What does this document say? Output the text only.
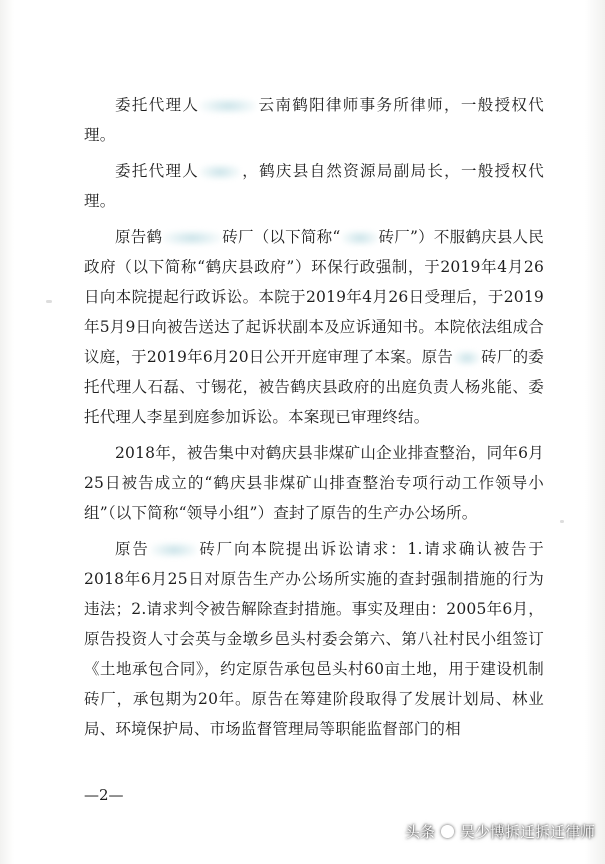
委托代理人	云南鹤阳律师事务所律师，一般授权代理。

委托代理人	，鹤庆县自然资源局副局长，一般授权代理。

原告鹤	砖厂（以下简称“ 砖厂”）不服鹤庆县人民政府（以下简称“鹤庆县政府”）环保行政强制，于2019年4月26日向本院提起行政诉讼。本院于2019年4月26日受理后，于2019年5月9日向被告送达了起诉状副本及应诉通知书。本院依法组成合议庭，于2019年6月20日公开开庭审理了本案。原告 砖厂的委托代理人石磊、寸锡花，被告鹤庆县政府的出庭负责人杨兆能、委托代理人李星到庭参加诉讼。本案现已审理终结。

2018年，被告集中对鹤庆县非煤矿山企业排查整治，同年6月25日被告成立的“鹤庆县非煤矿山排查整治专项行动工作领导小组”（以下简称“领导小组”）查封了原告的生产办公场所。

原告	砖厂向本院提出诉讼请求：1.请求确认被告于2018年6月25日对原告生产办公场所实施的查封强制措施的行为违法；2.请求判令被告解除查封措施。事实及理由：2005年6月，原告投资人寸会英与金墩乡邑头村委会第六、第八社村民小组签订《土地承包合同》，约定原告承包邑头村60亩土地，用于建设机制砖厂，承包期为20年。原告在筹建阶段取得了发展计划局、林业局、环境保护局、市场监督管理局等职能监督部门的相

—2—
头条 吴少博拆迁拆迁律师
